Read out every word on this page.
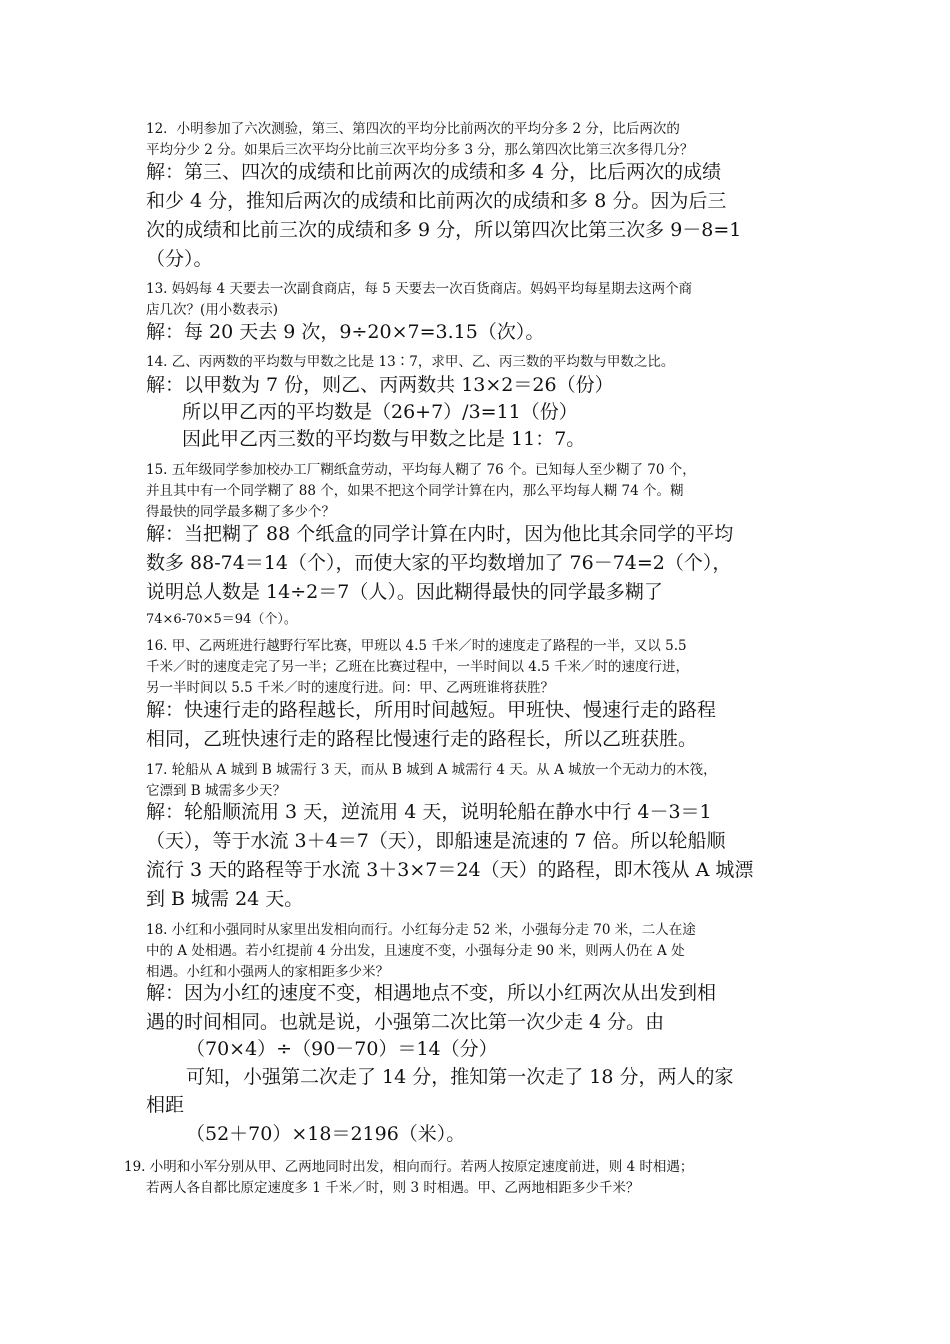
12．小明参加了六次测验，第三、第四次的平均分比前两次的平均分多 2 分，比后两次的
平均分少 2 分。如果后三次平均分比前三次平均分多 3 分，那么第四次比第三次多得几分？
解：第三、四次的成绩和比前两次的成绩和多 4 分，比后两次的成绩
和少 4 分，推知后两次的成绩和比前两次的成绩和多 8 分。因为后三
次的成绩和比前三次的成绩和多 9 分，所以第四次比第三次多 9－8=1
（分）。
13. 妈妈每 4 天要去一次副食商店，每 5 天要去一次百货商店。妈妈平均每星期去这两个商
店几次？(用小数表示)
解：每 20 天去 9 次，9÷20×7=3.15（次）。
14. 乙、丙两数的平均数与甲数之比是 13∶7，求甲、乙、丙三数的平均数与甲数之比。
解：以甲数为 7 份，则乙、丙两数共 13×2＝26（份）
所以甲乙丙的平均数是（26+7）/3=11（份）
因此甲乙丙三数的平均数与甲数之比是 11：7。
15. 五年级同学参加校办工厂糊纸盒劳动，平均每人糊了 76 个。已知每人至少糊了 70 个，
并且其中有一个同学糊了 88 个，如果不把这个同学计算在内，那么平均每人糊 74 个。糊
得最快的同学最多糊了多少个？
解：当把糊了 88 个纸盒的同学计算在内时，因为他比其余同学的平均
数多 88-74＝14（个），而使大家的平均数增加了 76－74=2（个），
说明总人数是 14÷2＝7（人）。因此糊得最快的同学最多糊了
74×6-70×5＝94（个）。
16. 甲、乙两班进行越野行军比赛，甲班以 4.5 千米／时的速度走了路程的一半，又以 5.5
千米／时的速度走完了另一半；乙班在比赛过程中，一半时间以 4.5 千米／时的速度行进，
另一半时间以 5.5 千米／时的速度行进。问：甲、乙两班谁将获胜？
解：快速行走的路程越长，所用时间越短。甲班快、慢速行走的路程
相同，乙班快速行走的路程比慢速行走的路程长，所以乙班获胜。
17. 轮船从 A 城到 B 城需行 3 天，而从 B 城到 A 城需行 4 天。从 A 城放一个无动力的木筏，
它漂到 B 城需多少天？
解：轮船顺流用 3 天，逆流用 4 天，说明轮船在静水中行 4－3＝1
（天），等于水流 3＋4＝7（天），即船速是流速的 7 倍。所以轮船顺
流行 3 天的路程等于水流 3＋3×7＝24（天）的路程，即木筏从 A 城漂
到 B 城需 24 天。
18. 小红和小强同时从家里出发相向而行。小红每分走 52 米，小强每分走 70 米，二人在途
中的 A 处相遇。若小红提前 4 分出发，且速度不变，小强每分走 90 米，则两人仍在 A 处
相遇。小红和小强两人的家相距多少米？
解：因为小红的速度不变，相遇地点不变，所以小红两次从出发到相
遇的时间相同。也就是说，小强第二次比第一次少走 4 分。由
（70×4）÷（90－70）＝14（分）
可知，小强第二次走了 14 分，推知第一次走了 18 分，两人的家
相距
（52＋70）×18＝2196（米）。
19. 小明和小军分别从甲、乙两地同时出发，相向而行。若两人按原定速度前进，则 4 时相遇；
若两人各自都比原定速度多 1 千米／时，则 3 时相遇。甲、乙两地相距多少千米？
